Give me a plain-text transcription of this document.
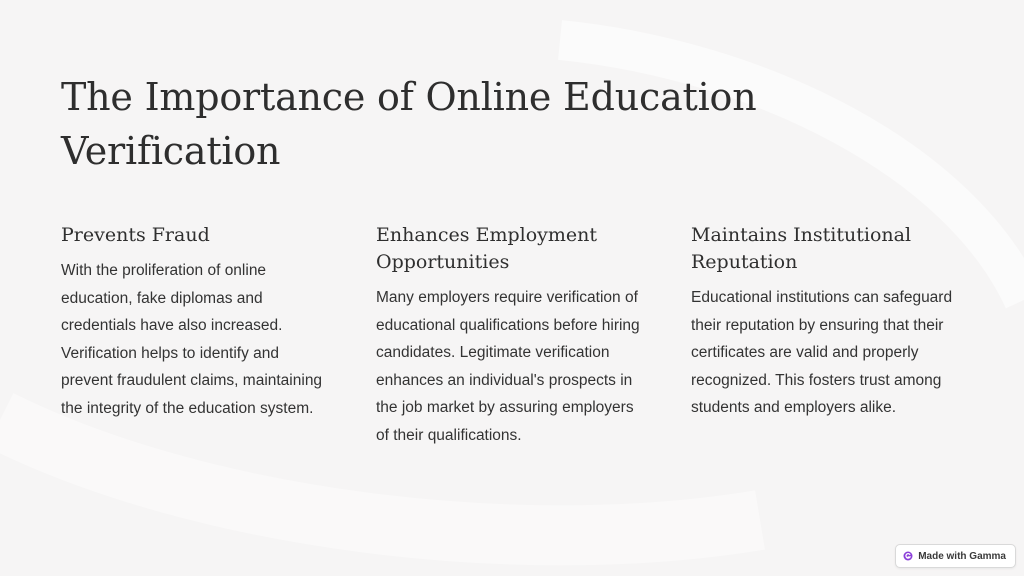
The Importance of Online Education Verification
Prevents Fraud

With the proliferation of online education, fake diplomas and credentials have also increased. Verification helps to identify and prevent fraudulent claims, maintaining the integrity of the education system.

Enhances Employment Opportunities

Many employers require verification of educational qualifications before hiring candidates. Legitimate verification enhances an individual's prospects in the job market by assuring employers of their qualifications.

Maintains Institutional Reputation

Educational institutions can safeguard their reputation by ensuring that their certificates are valid and properly recognized. This fosters trust among students and employers alike.

Made with Gamma
